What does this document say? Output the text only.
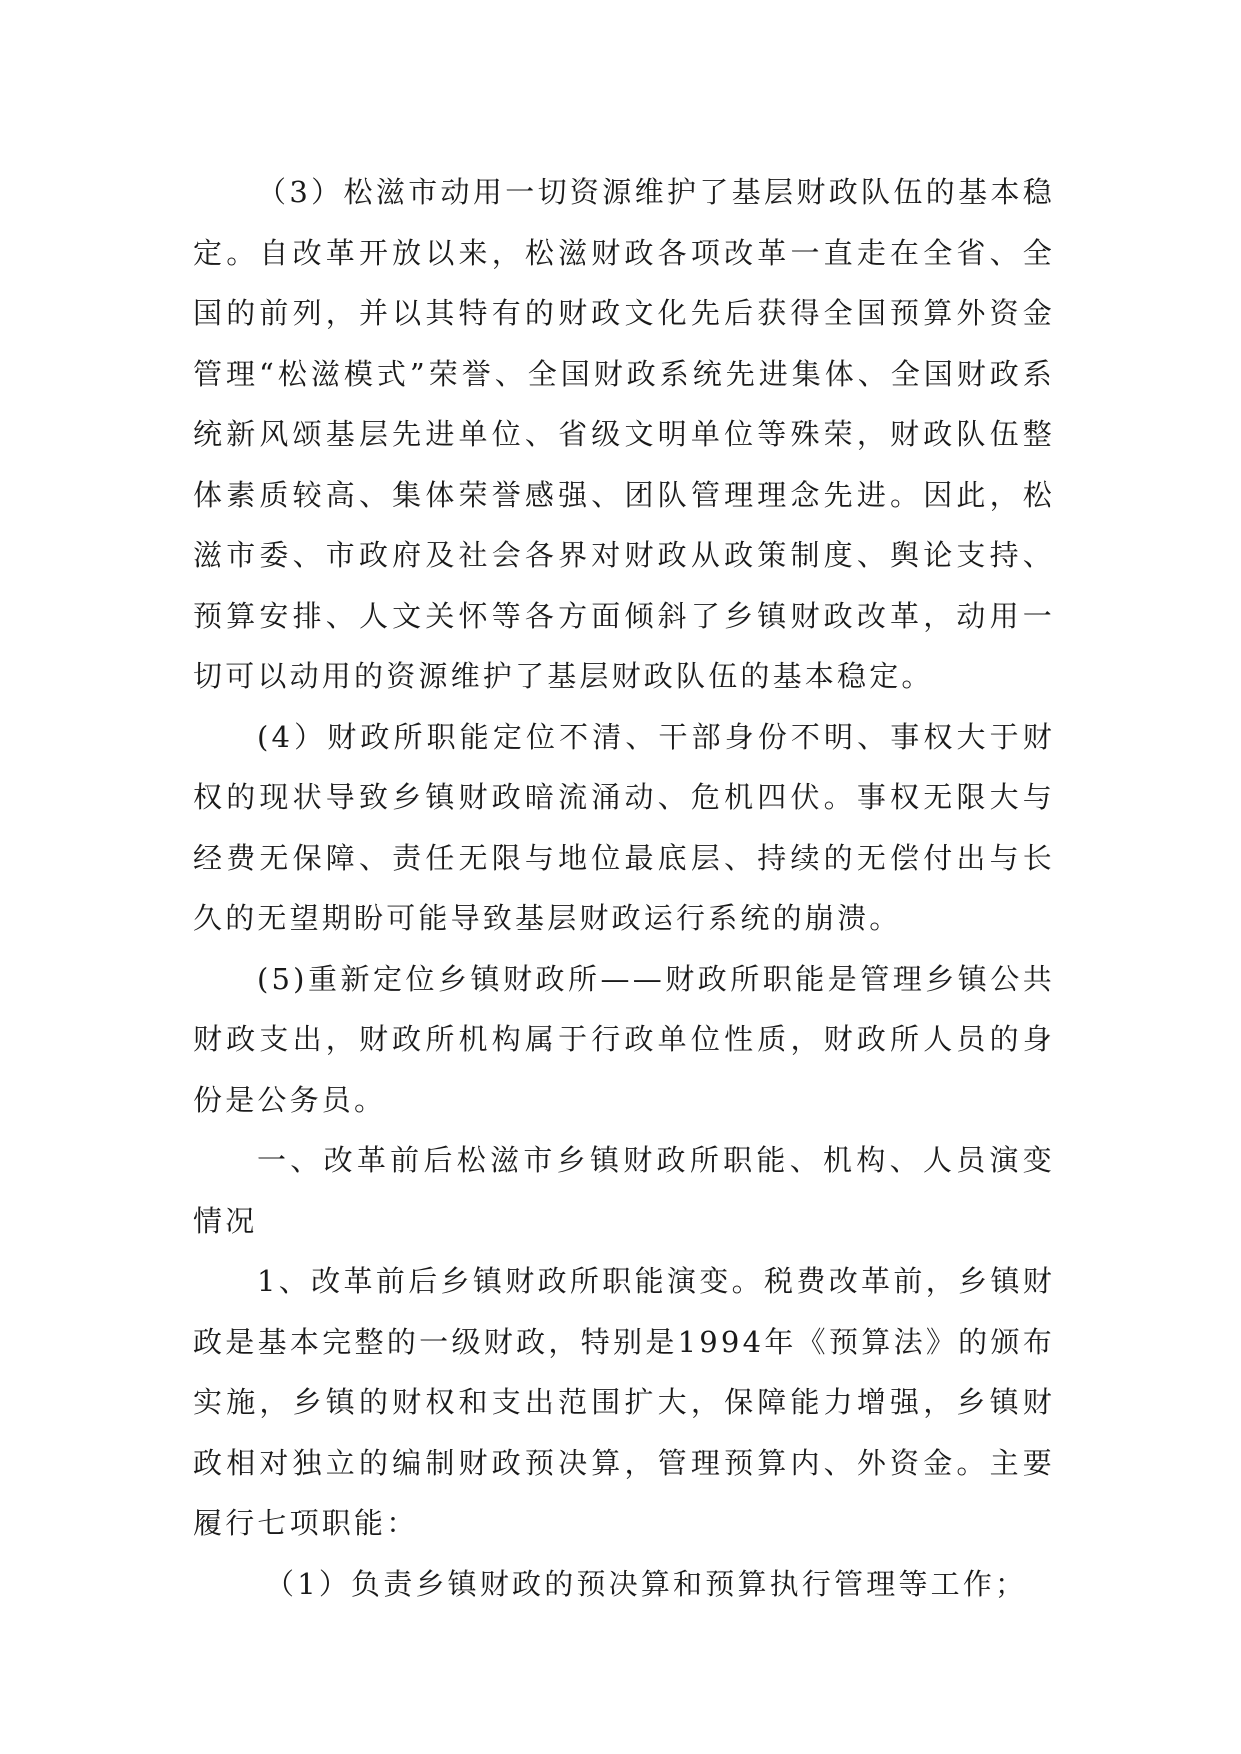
（3）松滋市动用一切资源维护了基层财政队伍的基本稳定。自改革开放以来，松滋财政各项改革一直走在全省、全国的前列，并以其特有的财政文化先后获得全国预算外资金管理“松滋模式”荣誉、全国财政系统先进集体、全国财政系统新风颂基层先进单位、省级文明单位等殊荣，财政队伍整体素质较高、集体荣誉感强、团队管理理念先进。因此，松滋市委、市政府及社会各界对财政从政策制度、舆论支持、预算安排、人文关怀等各方面倾斜了乡镇财政改革，动用一切可以动用的资源维护了基层财政队伍的基本稳定。

(4）财政所职能定位不清、干部身份不明、事权大于财权的现状导致乡镇财政暗流涌动、危机四伏。事权无限大与经费无保障、责任无限与地位最底层、持续的无偿付出与长久的无望期盼可能导致基层财政运行系统的崩溃。

(5)重新定位乡镇财政所——财政所职能是管理乡镇公共财政支出，财政所机构属于行政单位性质，财政所人员的身份是公务员。

一、改革前后松滋市乡镇财政所职能、机构、人员演变情况

1、改革前后乡镇财政所职能演变。税费改革前，乡镇财政是基本完整的一级财政，特别是1994年《预算法》的颁布实施，乡镇的财权和支出范围扩大，保障能力增强，乡镇财政相对独立的编制财政预决算，管理预算内、外资金。主要履行七项职能：

（1）负责乡镇财政的预决算和预算执行管理等工作；
